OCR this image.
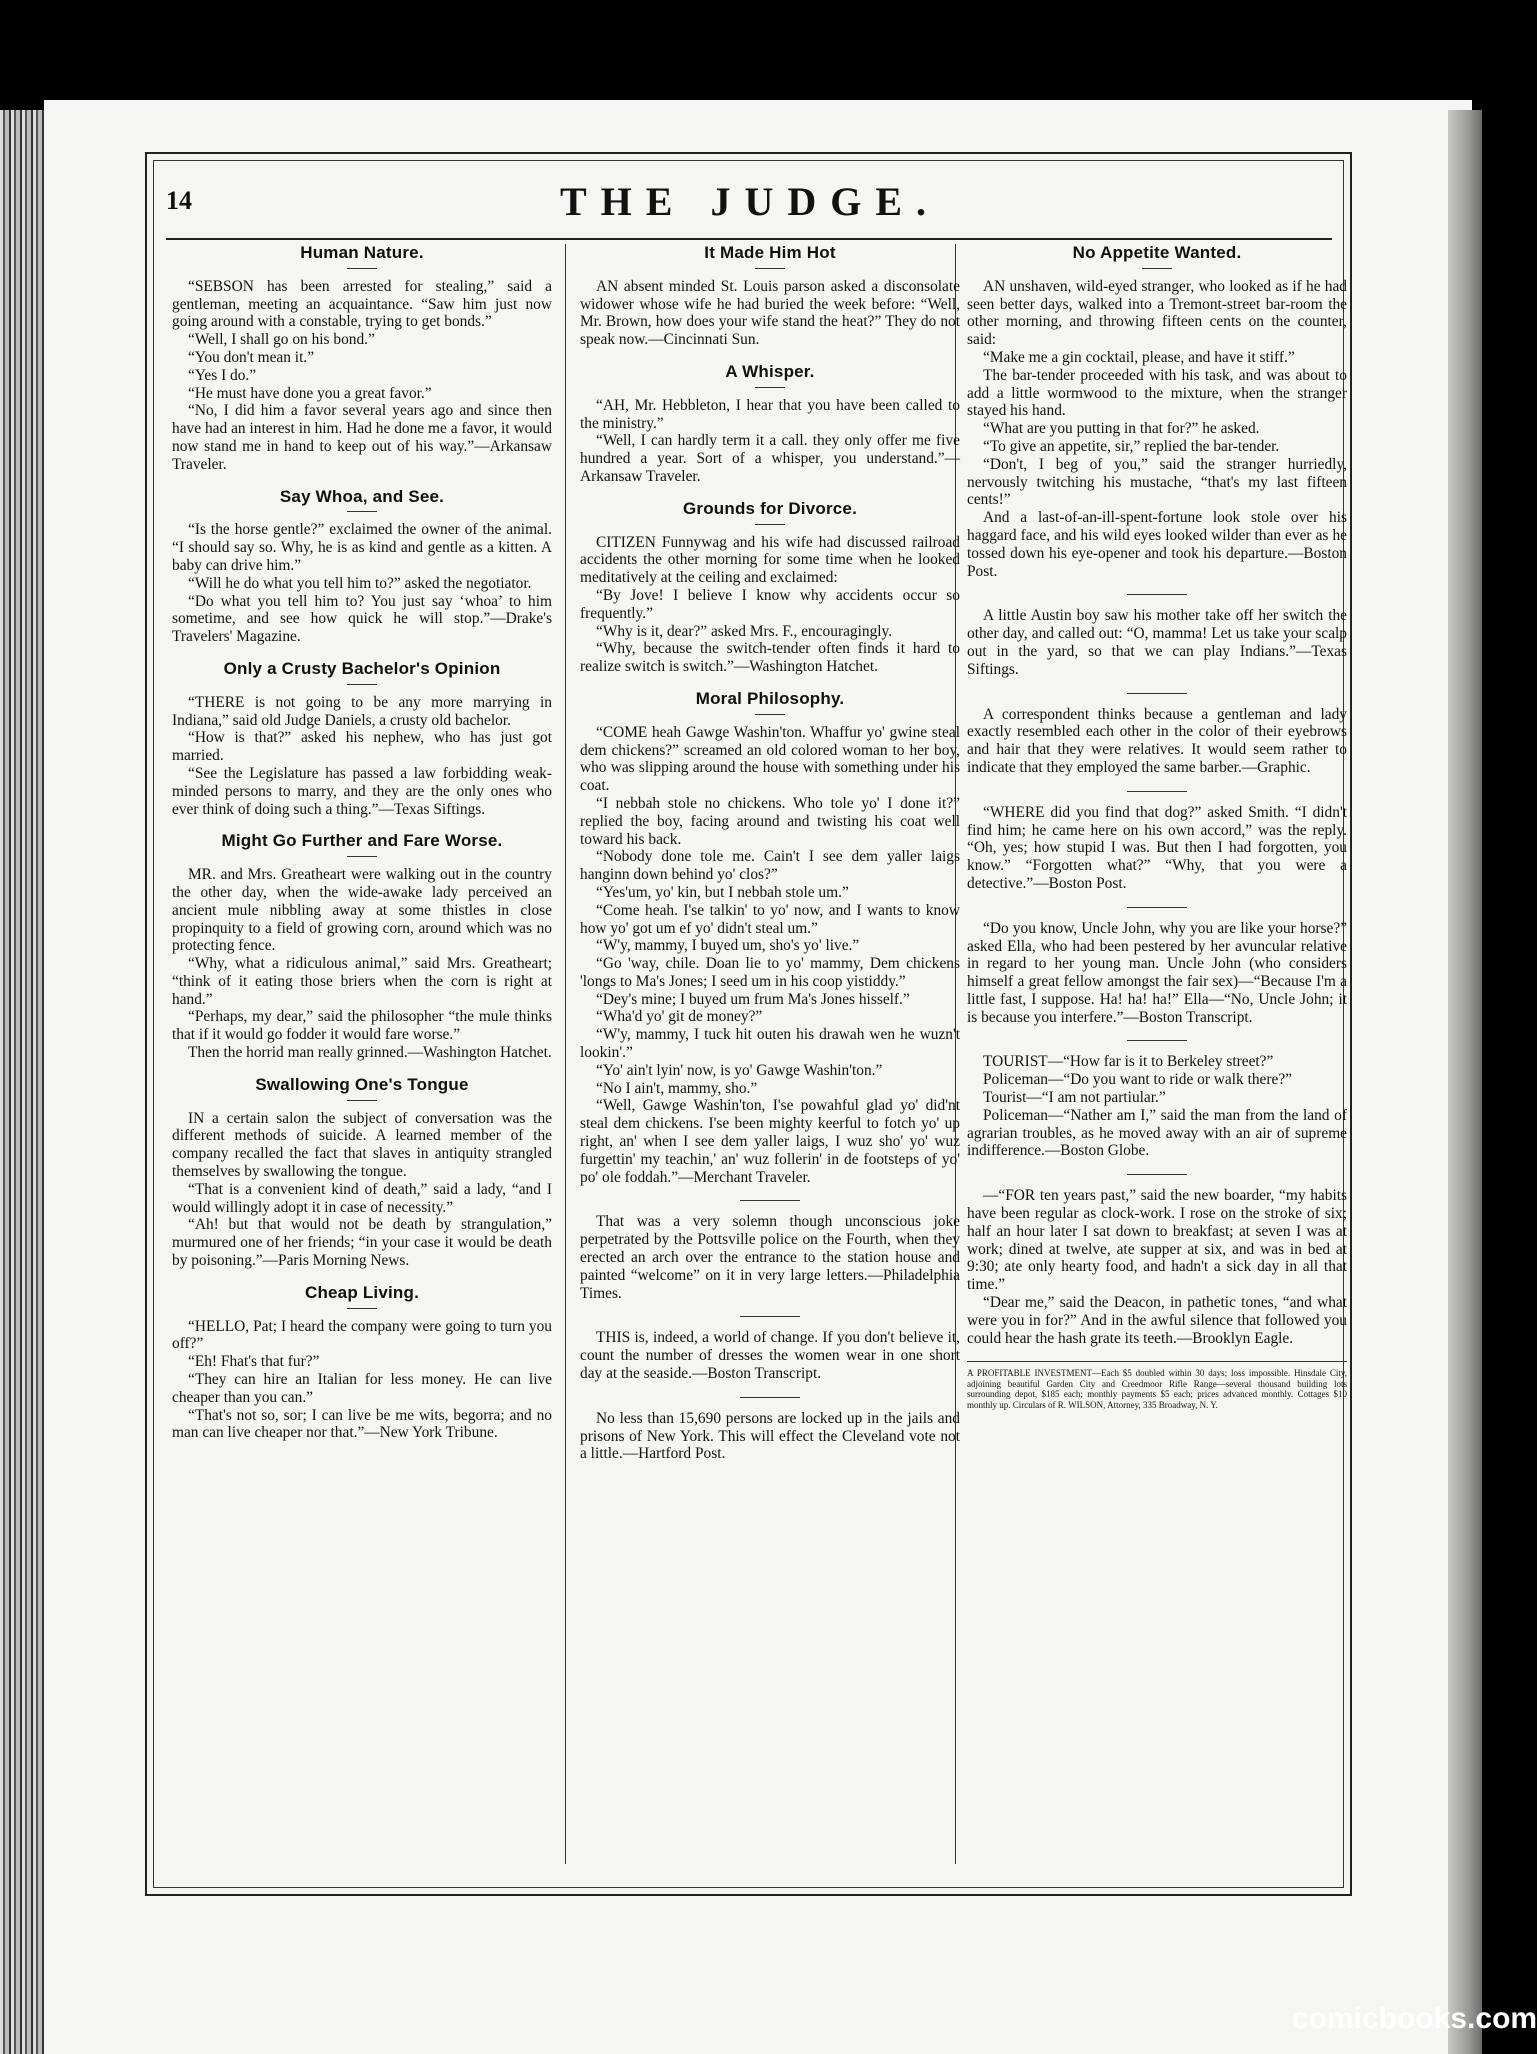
14	THE JUDGE.
Human Nature.

“SEBSON has been arrested for stealing,” said a gentleman, meeting an acquaintance. “Saw him just now going around with a constable, trying to get bonds.”

“Well, I shall go on his bond.”

“You don't mean it.”

“Yes I do.”

“He must have done you a great favor.”

“No, I did him a favor several years ago and since then have had an interest in him. Had he done me a favor, it would now stand me in hand to keep out of his way.”—Arkansaw Traveler.

Say Whoa, and See.

“Is the horse gentle?” exclaimed the owner of the animal. “I should say so. Why, he is as kind and gentle as a kitten. A baby can drive him.”

“Will he do what you tell him to?” asked the negotiator.

“Do what you tell him to? You just say ‘whoa’ to him sometime, and see how quick he will stop.”—Drake's Travelers' Magazine.

Only a Crusty Bachelor's Opinion

“THERE is not going to be any more marrying in Indiana,” said old Judge Daniels, a crusty old bachelor.

“How is that?” asked his nephew, who has just got married.

“See the Legislature has passed a law forbidding weak-minded persons to marry, and they are the only ones who ever think of doing such a thing.”—Texas Siftings.

Might Go Further and Fare Worse.

MR. and Mrs. Greatheart were walking out in the country the other day, when the wide-awake lady perceived an ancient mule nibbling away at some thistles in close propinquity to a field of growing corn, around which was no protecting fence.

“Why, what a ridiculous animal,” said Mrs. Greatheart; “think of it eating those briers when the corn is right at hand.”

“Perhaps, my dear,” said the philosopher “the mule thinks that if it would go fodder it would fare worse.”

Then the horrid man really grinned.—Washington Hatchet.

Swallowing One's Tongue

IN a certain salon the subject of conversation was the different methods of suicide. A learned member of the company recalled the fact that slaves in antiquity strangled themselves by swallowing the tongue.

“That is a convenient kind of death,” said a lady, “and I would willingly adopt it in case of necessity.”

“Ah! but that would not be death by strangulation,” murmured one of her friends; “in your case it would be death by poisoning.”—Paris Morning News.

Cheap Living.

“HELLO, Pat; I heard the company were going to turn you off?”

“Eh! Fhat's that fur?”

“They can hire an Italian for less money. He can live cheaper than you can.”

“That's not so, sor; I can live be me wits, begorra; and no man can live cheaper nor that.”—New York Tribune.

It Made Him Hot

AN absent minded St. Louis parson asked a disconsolate widower whose wife he had buried the week before: “Well, Mr. Brown, how does your wife stand the heat?” They do not speak now.—Cincinnati Sun.

A Whisper.

“AH, Mr. Hebbleton, I hear that you have been called to the ministry.”

“Well, I can hardly term it a call. they only offer me five hundred a year. Sort of a whisper, you understand.”—Arkansaw Traveler.

Grounds for Divorce.

CITIZEN Funnywag and his wife had discussed railroad accidents the other morning for some time when he looked meditatively at the ceiling and exclaimed:

“By Jove! I believe I know why accidents occur so frequently.”

“Why is it, dear?” asked Mrs. F., encouragingly.

“Why, because the switch-tender often finds it hard to realize switch is switch.”—Washington Hatchet.

Moral Philosophy.

“COME heah Gawge Washin'ton. Whaffur yo' gwine steal dem chickens?” screamed an old colored woman to her boy, who was slipping around the house with something under his coat.

“I nebbah stole no chickens. Who tole yo' I done it?” replied the boy, facing around and twisting his coat well toward his back.

“Nobody done tole me. Cain't I see dem yaller laigs hanginn down behind yo' clos?”

“Yes'um, yo' kin, but I nebbah stole um.”

“Come heah. I'se talkin' to yo' now, and I wants to know how yo' got um ef yo' didn't steal um.”

“W'y, mammy, I buyed um, sho's yo' live.”

“Go 'way, chile. Doan lie to yo' mammy, Dem chickens 'longs to Ma's Jones; I seed um in his coop yistiddy.”

“Dey's mine; I buyed um frum Ma's Jones hisself.”

“Wha'd yo' git de money?”

“W'y, mammy, I tuck hit outen his drawah wen he wuzn't lookin'.”

“Yo' ain't lyin' now, is yo' Gawge Washin'ton.”

“No I ain't, mammy, sho.”

“Well, Gawge Washin'ton, I'se powahful glad yo' did'nt steal dem chickens. I'se been mighty keerful to fotch yo' up right, an' when I see dem yaller laigs, I wuz sho' yo' wuz furgettin' my teachin,' an' wuz follerin' in de footsteps of yo' po' ole foddah.”—Merchant Traveler.

That was a very solemn though unconscious joke perpetrated by the Pottsville police on the Fourth, when they erected an arch over the entrance to the station house and painted “welcome” on it in very large letters.—Philadelphia Times.

THIS is, indeed, a world of change. If you don't believe it, count the number of dresses the women wear in one short day at the seaside.—Boston Transcript.

No less than 15,690 persons are locked up in the jails and prisons of New York. This will effect the Cleveland vote not a little.—Hartford Post.

No Appetite Wanted.

AN unshaven, wild-eyed stranger, who looked as if he had seen better days, walked into a Tremont-street bar-room the other morning, and throwing fifteen cents on the counter, said:

“Make me a gin cocktail, please, and have it stiff.”

The bar-tender proceeded with his task, and was about to add a little wormwood to the mixture, when the stranger stayed his hand.

“What are you putting in that for?” he asked.

“To give an appetite, sir,” replied the bar-tender.

“Don't, I beg of you,” said the stranger hurriedly, nervously twitching his mustache, “that's my last fifteen cents!”

And a last-of-an-ill-spent-fortune look stole over his haggard face, and his wild eyes looked wilder than ever as he tossed down his eye-opener and took his departure.—Boston Post.

A little Austin boy saw his mother take off her switch the other day, and called out: “O, mamma! Let us take your scalp out in the yard, so that we can play Indians.”—Texas Siftings.

A correspondent thinks because a gentleman and lady exactly resembled each other in the color of their eyebrows and hair that they were relatives. It would seem rather to indicate that they employed the same barber.—Graphic.

“WHERE did you find that dog?” asked Smith. “I didn't find him; he came here on his own accord,” was the reply. “Oh, yes; how stupid I was. But then I had forgotten, you know.” “Forgotten what?” “Why, that you were a detective.”—Boston Post.

“Do you know, Uncle John, why you are like your horse?” asked Ella, who had been pestered by her avuncular relative in regard to her young man. Uncle John (who considers himself a great fellow amongst the fair sex)—“Because I'm a little fast, I suppose. Ha! ha! ha!” Ella—“No, Uncle John; it is because you interfere.”—Boston Transcript.

TOURIST—“How far is it to Berkeley street?”

Policeman—“Do you want to ride or walk there?”

Tourist—“I am not partiular.”

Policeman—“Nather am I,” said the man from the land of agrarian troubles, as he moved away with an air of supreme indifference.—Boston Globe.

—“FOR ten years past,” said the new boarder, “my habits have been regular as clock-work. I rose on the stroke of six; half an hour later I sat down to breakfast; at seven I was at work; dined at twelve, ate supper at six, and was in bed at 9:30; ate only hearty food, and hadn't a sick day in all that time.”

“Dear me,” said the Deacon, in pathetic tones, “and what were you in for?” And in the awful silence that followed you could hear the hash grate its teeth.—Brooklyn Eagle.

A PROFITABLE INVESTMENT—Each $5 doubled within 30 days; loss impossible. Hinsdale City, adjoining beautiful Garden City and Creedmoor Rifle Range—several thousand building lots surrounding depot, $185 each; monthly payments $5 each; prices advanced monthly. Cottages $10 monthly up. Circulars of R. WILSON, Attorney, 335 Broadway, N. Y.
comicbooks.com
